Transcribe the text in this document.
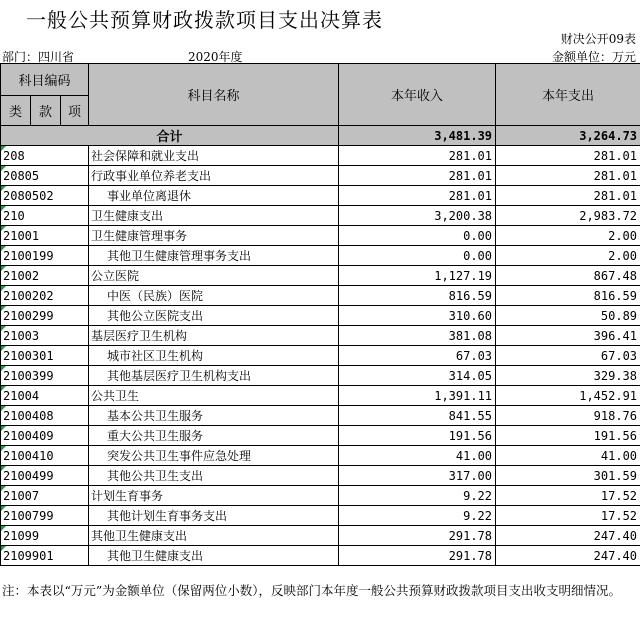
一般公共预算财政拨款项目支出决算表
财决公开09表
部门：四川省	2020年度	金额单位：万元
科目编码			科目名称	本年收入	本年支出
类	款	项			
合计				3,481.39	3,264.73
208			社会保障和就业支出	281.01	281.01
20805			行政事业单位养老支出	281.01	281.01
2080502			事业单位离退休	281.01	281.01
210			卫生健康支出	3,200.38	2,983.72
21001			卫生健康管理事务	0.00	2.00
2100199			其他卫生健康管理事务支出	0.00	2.00
21002			公立医院	1,127.19	867.48
2100202			中医（民族）医院	816.59	816.59
2100299			其他公立医院支出	310.60	50.89
21003			基层医疗卫生机构	381.08	396.41
2100301			城市社区卫生机构	67.03	67.03
2100399			其他基层医疗卫生机构支出	314.05	329.38
21004			公共卫生	1,391.11	1,452.91
2100408			基本公共卫生服务	841.55	918.76
2100409			重大公共卫生服务	191.56	191.56
2100410			突发公共卫生事件应急处理	41.00	41.00
2100499			其他公共卫生支出	317.00	301.59
21007			计划生育事务	9.22	17.52
2100799			其他计划生育事务支出	9.22	17.52
21099			其他卫生健康支出	291.78	247.40
2109901			其他卫生健康支出	291.78	247.40
注：本表以“万元”为金额单位（保留两位小数），反映部门本年度一般公共预算财政拨款项目支出收支明细情况。
